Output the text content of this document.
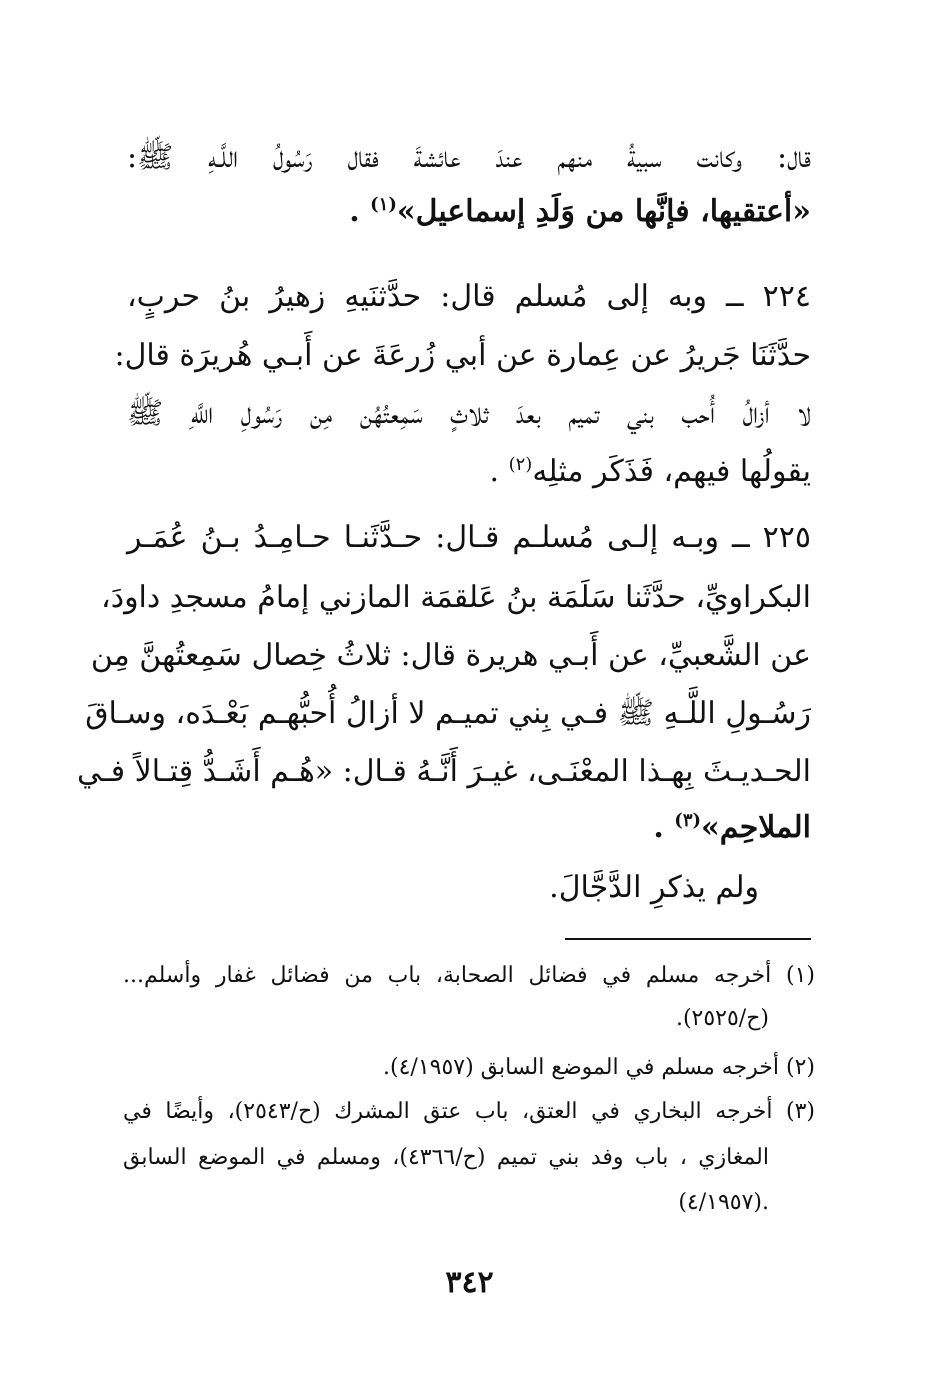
قال: وكانت سبيةُ منهم عندَ عائشةَ فقال رَسُولُ اللَّـهِ ﷺ:
«أعتقيها، فإنَّها من وَلَدِ إسماعيل»$^{(١)}$ .
٢٢٤ ــ وبه إلى مُسلم قال: حدَّثنَيهِ زهيرُ بنُ حربٍ،
حدَّثَنَا جَريرُ عن عِمارة عن أبي زُرعَةَ عن أَبـي هُريرَة قال:
لا أزالُ أُحب بني تميم بعدَ ثلاثٍ سَمِعتُهُن مِن رَسُولِ اللَّهِ ﷺ
يقولُها فيهم، فَذَكَر مثلِه$^{(٢)}$ .
٢٢٥ ــ وبـه إلـى مُسلـم قـال: حـدَّثَنـا حـامِـدُ بـنُ عُمَـر
البكراويِّ، حدَّثَنا سَلَمَة بنُ عَلقمَة المازني إمامُ مسجدِ داودَ،
عن الشَّعبيِّ، عن أَبـي هريرة قال: ثلاثُ خِصال سَمِعتُهنَّ مِن
رَسُـولِ اللَّـهِ ﷺ فـي بِني تميـم لا أزالُ أُحبُّهـم بَعْـدَه، وسـاقَ
الحـديـثَ بِهـذا المعْنَـى، غيـرَ أَنَّـهُ قـال: «هُـم أَشَـدُّ قِتـالاً فـي
الملاحِم»$^{(٣)}$ .
ولم يذكرِ الدَّجَّالَ.
(١) أخرجه مسلم في فضائل الصحابة، باب من فضائل غفار وأسلم...
(ح/٢٥٢٥).
(٢) أخرجه مسلم في الموضع السابق (٤/١٩٥٧).
(٣) أخرجه البخاري في العتق، باب عتق المشرك (ح/٢٥٤٣)، وأيضًا في
المغازي ، باب وفد بني تميم (ح/٤٣٦٦)، ومسلم في الموضع السابق
(٤/١٩٥٧).
٣٤٢
